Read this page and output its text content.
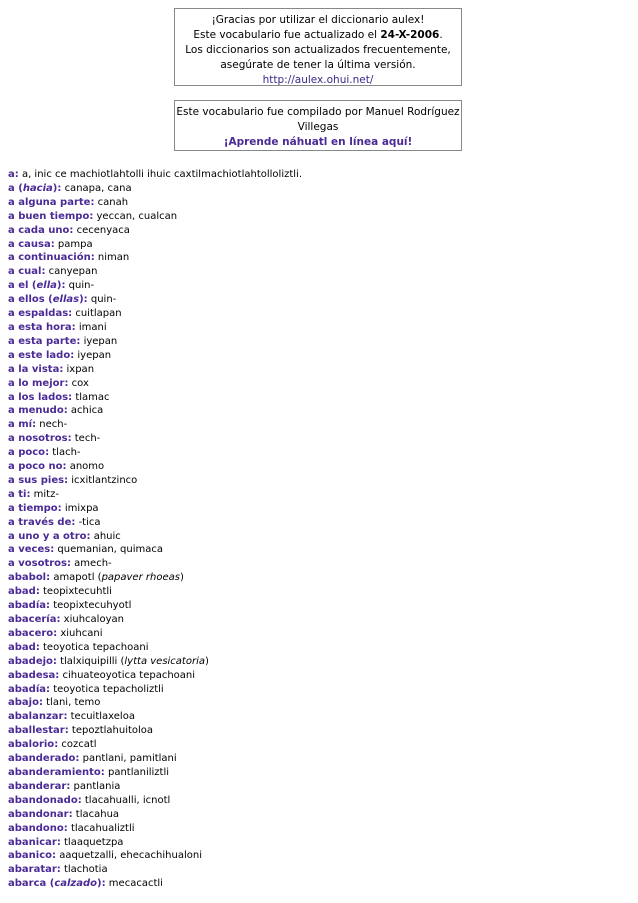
¡Gracias por utilizar el diccionario aulex!
Este vocabulario fue actualizado el 24-X-2006.
Los diccionarios son actualizados frecuentemente,
asegúrate de tener la última versión.
http://aulex.ohui.net/
Este vocabulario fue compilado por Manuel Rodríguez
Villegas
¡Aprende náhuatl en línea aquí!
a: a, inic ce machiotlahtolli ihuic caxtilmachiotlahtolloliztli.
a (hacia): canapa, cana
a alguna parte: canah
a buen tiempo: yeccan, cualcan
a cada uno: cecenyaca
a causa: pampa
a continuación: niman
a cual: canyepan
a el (ella): quin-
a ellos (ellas): quin-
a espaldas: cuitlapan
a esta hora: imani
a esta parte: iyepan
a este lado: iyepan
a la vista: ixpan
a lo mejor: cox
a los lados: tlamac
a menudo: achica
a mí: nech-
a nosotros: tech-
a poco: tlach-
a poco no: anomo
a sus pies: icxitlantzinco
a ti: mitz-
a tiempo: imixpa
a través de: -tica
a uno y a otro: ahuic
a veces: quemanian, quimaca
a vosotros: amech-
ababol: amapotl (papaver rhoeas)
abad: teopixtecuhtli
abadía: teopixtecuhyotl
abacería: xiuhcaloyan
abacero: xiuhcani
abad: teoyotica tepachoani
abadejo: tlalxiquipilli (lytta vesicatoria)
abadesa: cihuateoyotica tepachoani
abadía: teoyotica tepacholiztli
abajo: tlani, temo
abalanzar: tecuitlaxeloa
aballestar: tepoztlahuitoloa
abalorio: cozcatl
abanderado: pantlani, pamitlani
abanderamiento: pantlaniliztli
abanderar: pantlania
abandonado: tlacahualli, icnotl
abandonar: tlacahua
abandono: tlacahualiztli
abanicar: tlaaquetzpa
abanico: aaquetzalli, ehecachihualoni
abaratar: tlachotia
abarca (calzado): mecacactli
